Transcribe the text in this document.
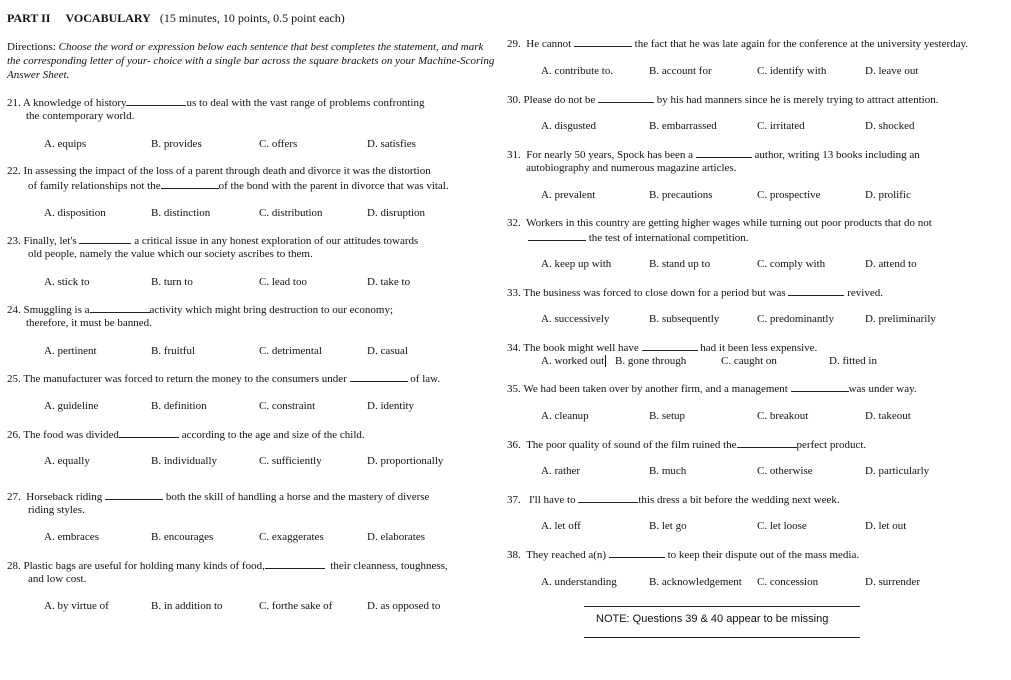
PART II VOCABULARY (15 minutes, 10 points, 0.5 point each)
Directions: Choose the word or expression below each sentence that best completes the statement, and mark the corresponding letter of your- choice with a single bar across the square brackets on your Machine-Scoring Answer Sheet.
21. A knowledge of history	us to deal with the vast range of problems confronting
the contemporary world.
A. equips	B. provides	C. offers	D. satisfies
22. In assessing the impact of the loss of a parent through death and divorce it was the distortion
of family relationships not the	of the bond with the parent in divorce that was vital.
A. disposition	B. distinction	C. distribution	D. disruption
23. Finally, let's	a critical issue in any honest exploration of our attitudes towards
old people, namely the value which our society ascribes to them.
A. stick to	B. turn to	C. lead too	D. take to
24. Smuggling is a	activity which might bring destruction to our economy;
therefore, it must be banned.
A. pertinent	B. fruitful	C. detrimental	D. casual
25. The manufacturer was forced to return the money to the consumers under	of law.
A. guideline	B. definition	C. constraint	D. identity
26. The food was divided	according to the age and size of the child.
A. equally	B. individually	C. sufficiently	D. proportionally
27. Horseback riding	both the skill of handling a horse and the mastery of diverse
riding styles.
A. embraces	B. encourages	C. exaggerates	D. elaborates
28. Plastic bags are useful for holding many kinds of food,	their cleanness, toughness,
and low cost.
A. by virtue of	B. in addition to	C. forthe sake of	D. as opposed to
29. He cannot	the fact that he was late again for the conference at the university yesterday.
A. contribute to.	B. account for	C. identify with	D. leave out
30. Please do not be	by his had manners since he is merely trying to attract attention.
A. disgusted	B. embarrassed	C. irritated	D. shocked
31. For nearly 50 years, Spock has been a	author, writing 13 books including an
autobiography and numerous magazine articles.
A. prevalent	B. precautions	C. prospective	D. prolific
32. Workers in this country are getting higher wages while turning out poor products that do not
the test of international competition.
A. keep up with	B. stand up to	C. comply with	D. attend to
33. The business was forced to close down for a period but was	revived.
A. successively	B. subsequently	C. predominantly	D. preliminarily
34. The book might well have	had it been less expensive.
A. worked out B. gone through	C. caught on	D. fitted in
35. We had been taken over by another firm, and a management	was under way.
A. cleanup	B. setup	C. breakout	D. takeout
36. The poor quality of sound of the film ruined the	perfect product.
A. rather	B. much	C. otherwise	D. particularly
37. I'll have to	this dress a bit before the wedding next week.
A. let off	B. let go	C. let loose	D. let out
38. They reached a(n)	to keep their dispute out of the mass media.
A. understanding	B. acknowledgement C. concession	D. surrender
NOTE: Questions 39 & 40 appear to be missing
